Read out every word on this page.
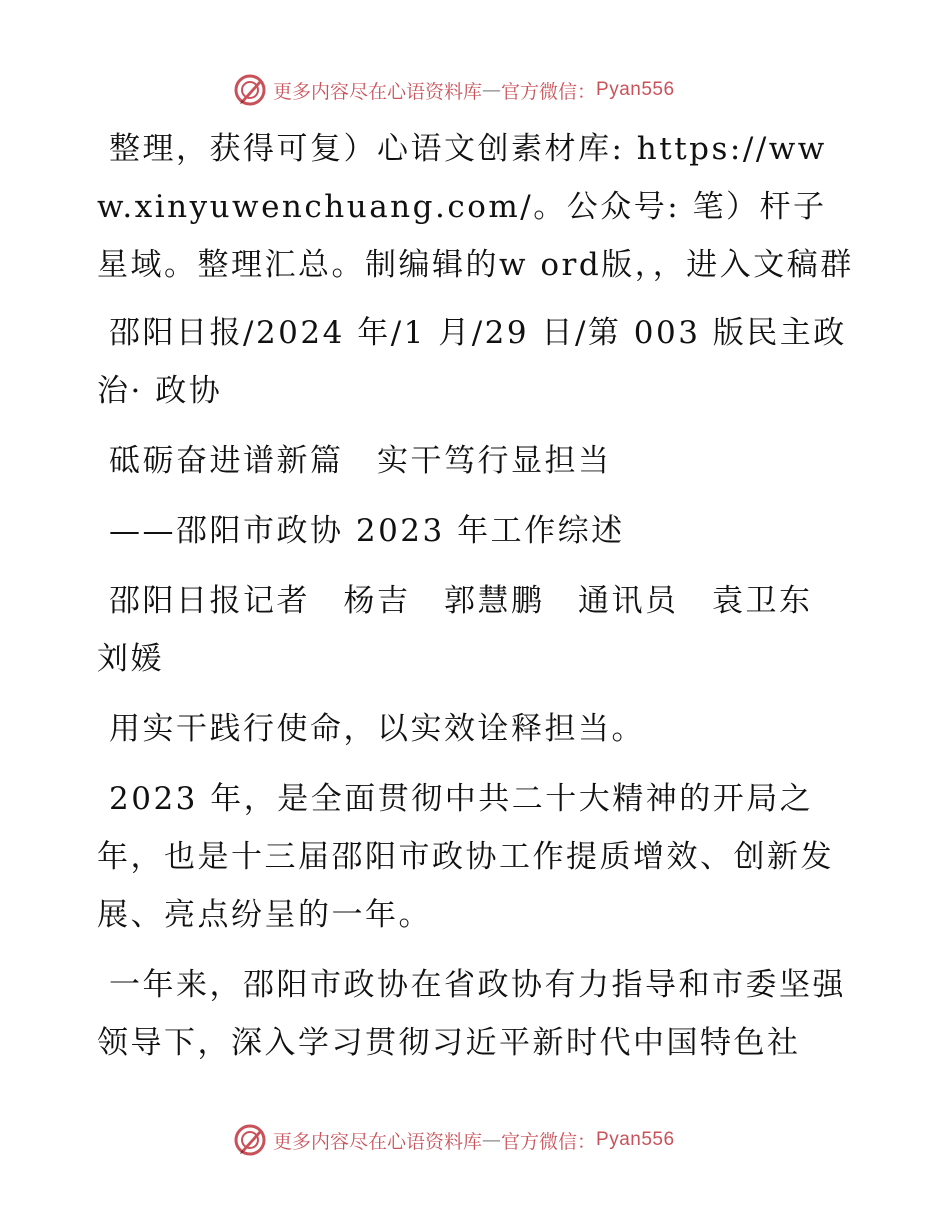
更多内容尽在心语资料库 — 官方微信： Pyan556

整理，获得可复）心语文创素材库: https://www.xinyuwenchuang.com/。公众号: 笔）杆子星域。整理汇总。制编辑的w ord版，，进入文稿群

邵阳日报/2024 年/1 月/29 日/第 003 版民主政治· 政协

砥砺奋进谱新篇　实干笃行显担当

——邵阳市政协 2023 年工作综述

邵阳日报记者　杨吉　郭慧鹏　通讯员　袁卫东　刘媛

用实干践行使命，以实效诠释担当。

2023 年，是全面贯彻中共二十大精神的开局之年，也是十三届邵阳市政协工作提质增效、创新发展、亮点纷呈的一年。

一年来，邵阳市政协在省政协有力指导和市委坚强领导下，深入学习贯彻习近平新时代中国特色社

更多内容尽在心语资料库 — 官方微信： Pyan556
